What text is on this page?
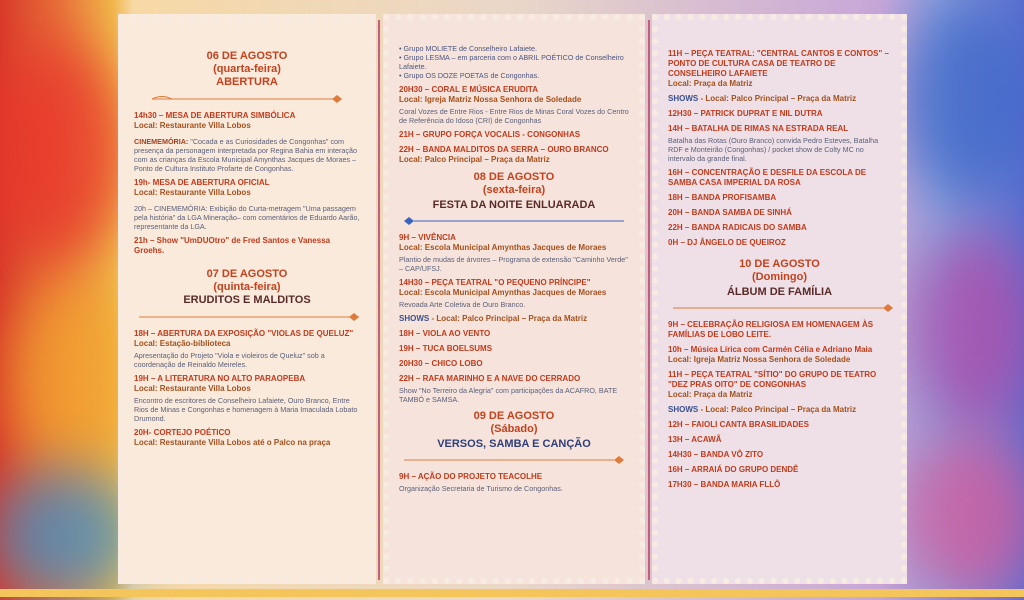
06 DE AGOSTO
(quarta-feira)
ABERTURA
14h30 – MESA DE ABERTURA SIMBÓLICA
Local: Restaurante Villa Lobos
CINEMEMÓRIA: "Cocada e as Curiosidades de Congonhas" com presença da personagem interpretada por Regina Bahia em interação com as crianças da Escola Municipal Amynthas Jacques de Moraes – Ponto de Cultura Instituto Profarte de Congonhas.
19h- MESA DE ABERTURA OFICIAL
Local: Restaurante Villa Lobos
20h – CINEMEMÓRIA: Exibição do Curta-metragem "Uma passagem pela história" da LGA Mineração– com comentários de Eduardo Aarão, representante da LGA.
21h – Show "UmDUOtro" de Fred Santos e Vanessa Groehs.
07 DE AGOSTO
(quinta-feira)
ERUDITOS E MALDITOS
18H – ABERTURA DA EXPOSIÇÃO "VIOLAS DE QUELUZ"
Local: Estação-biblioteca
Apresentação do Projeto "Viola e violeiros de Queluz" sob a coordenação de Reinaldo Meireles.
19H – A LITERATURA NO ALTO PARAOPEBA
Local: Restaurante Villa Lobos
Encontro de escritores de Conselheiro Lafaiete, Ouro Branco, Entre Rios de Minas e Congonhas e homenagem à Maria Imaculada Lobato Drumond.
20H- CORTEJO POÉTICO
Local: Restaurante Villa Lobos até o Palco na praça
• Grupo MOLIETE de Conselheiro Lafaiete.
• Grupo LESMA – em parceria com o ABRIL POÉTICO de Conselheiro Lafaiete.
• Grupo OS DOZE POETAS de Congonhas.
20H30 – CORAL E MÚSICA ERUDITA
Local: Igreja Matriz Nossa Senhora de Soledade
Coral Vozes de Entre Rios - Entre Rios de Minas Coral Vozes do Centro de Referência do Idoso (CRI) de Congonhas
21H – GRUPO FORÇA VOCALIS - CONGONHAS
22H – BANDA MALDITOS DA SERRA – OURO BRANCO
Local: Palco Principal – Praça da Matriz
08 DE AGOSTO
(sexta-feira)
FESTA DA NOITE ENLUARADA
9H – VIVÊNCIA
Local: Escola Municipal Amynthas Jacques de Moraes
Plantio de mudas de árvores – Programa de extensão "Caminho Verde" – CAP/UFSJ.
14H30 – PEÇA TEATRAL "O PEQUENO PRÍNCIPE"
Local: Escola Municipal Amynthas Jacques de Moraes
Revoada Arte Coletiva de Ouro Branco.
SHOWS - Local: Palco Principal – Praça da Matriz
18H – VIOLA AO VENTO
19H – TUCA BOELSUMS
20H30 – CHICO LOBO
22H – RAFA MARINHO E A NAVE DO CERRADO
Show "No Terreiro da Alegria" com participações da ACAFRO, BATE TAMBÓ e SAMSA.
09 DE AGOSTO
(Sábado)
VERSOS, SAMBA E CANÇÃO
9H – AÇÃO DO PROJETO TEACOLHE
Organização Secretaria de Turismo de Congonhas.
11H – PEÇA TEATRAL: "CENTRAL CANTOS E CONTOS" – PONTO DE CULTURA CASA DE TEATRO DE CONSELHEIRO LAFAIETE
Local: Praça da Matriz
SHOWS - Local: Palco Principal – Praça da Matriz
12H30 – PATRICK DUPRAT E NIL DUTRA
14H – BATALHA DE RIMAS NA ESTRADA REAL
Batalha das Rotas (Ouro Branco) convida Pedro Esteves, Batalha RDF e Monteirão (Congonhas) / pocket show de Colty MC no intervalo da grande final.
16H – CONCENTRAÇÃO E DESFILE DA ESCOLA DE SAMBA CASA IMPERIAL DA ROSA
18H – BANDA PROFISAMBA
20H – BANDA SAMBA DE SINHÁ
22H – BANDA RADICAIS DO SAMBA
0H – DJ ÂNGELO DE QUEIROZ
10 DE AGOSTO
(Domingo)
ÁLBUM DE FAMÍLIA
9H – CELEBRAÇÃO RELIGIOSA EM HOMENAGEM ÀS FAMÍLIAS DE LOBO LEITE.
10h – Música Lírica com Carmén Célia e Adriano Maia
Local: Igreja Matriz Nossa Senhora de Soledade
11H – PEÇA TEATRAL "SÍTIO" DO GRUPO DE TEATRO "DEZ PRAS OITO" DE CONGONHAS
Local: Praça da Matriz
SHOWS - Local: Palco Principal – Praça da Matriz
12H – FAIOLI CANTA BRASILIDADES
13H – ACAWÃ
14H30 – BANDA VÔ ZITO
16H – ARRAIÁ DO GRUPO DENDÊ
17H30 – BANDA MARIA FLLÔ
